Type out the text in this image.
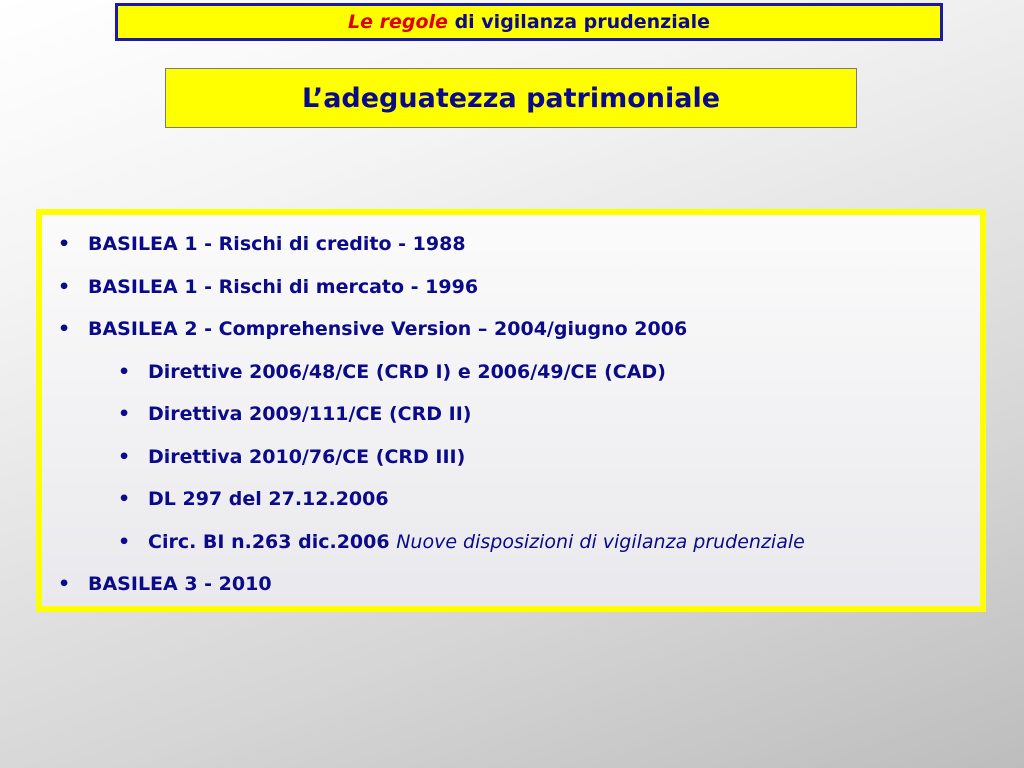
Le regole di vigilanza prudenziale
L’adeguatezza patrimoniale
• BASILEA 1 - Rischi di credito - 1988
• BASILEA 1 - Rischi di mercato - 1996
• BASILEA 2 - Comprehensive Version – 2004/giugno 2006
• Direttive 2006/48/CE (CRD I) e 2006/49/CE (CAD)
• Direttiva 2009/111/CE (CRD II)
• Direttiva 2010/76/CE (CRD III)
• DL 297 del 27.12.2006
• Circ. BI n.263 dic.2006 Nuove disposizioni di vigilanza prudenziale
• BASILEA 3 - 2010
